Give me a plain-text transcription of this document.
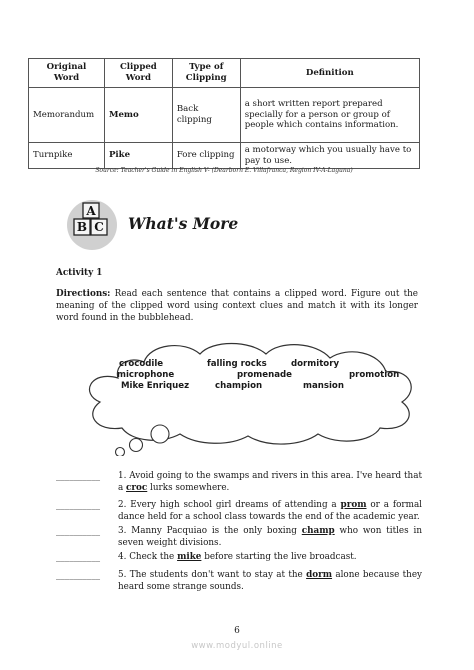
Original Word	Clipped Word	Type of Clipping	Definition
Memorandum	Memo	Back clipping	a short written report prepared specially for a person or group of people which contains information.
Turnpike	Pike	Fore clipping	a motorway which you usually have to pay to use.
Source: Teacher's Guide in English V- (Dearborn E. Villafranca, Region IV-A-Laguna)
A
B C What's More
Activity 1
Directions: Read each sentence that contains a clipped word. Figure out the meaning of the clipped word using context clues and match it with its longer word found in the bubblehead.
crocodile	falling rocks	dormitory
microphone	promenade	promotion
Mike Enriquez	champion	mansion
__________ 1. Avoid going to the swamps and rivers in this area. I've heard that a croc lurks somewhere.
__________ 2. Every high school girl dreams of attending a prom or a formal dance held for a school class towards the end of the academic year.
__________ 3. Manny Pacquiao is the only boxing champ who won titles in seven weight divisions.
__________ 4. Check the mike before starting the live broadcast.
__________ 5. The students don't want to stay at the dorm alone because they heard some strange sounds.
6
www.modyul.online
